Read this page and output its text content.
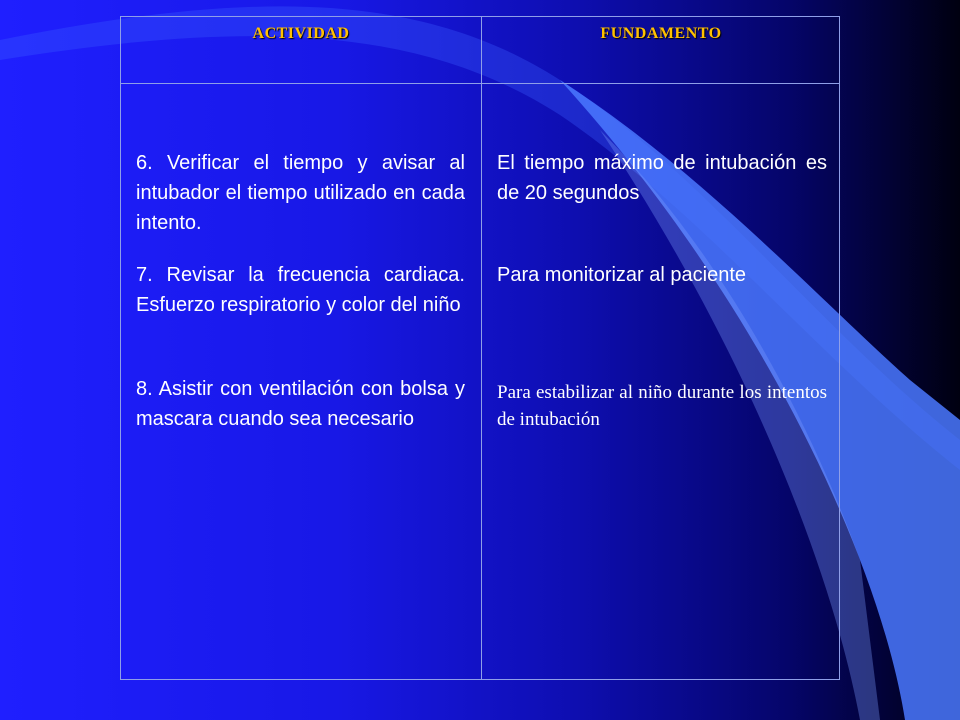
ACTIVIDAD	FUNDAMENTO
6. Verificar el tiempo y avisar al intubador el tiempo utilizado en cada intento.
7. Revisar la frecuencia cardiaca. Esfuerzo respiratorio y color del niño
8. Asistir con ventilación con bolsa y mascara cuando sea necesario
El tiempo máximo de intubación es de 20 segundos
Para monitorizar al paciente
Para estabilizar al niño durante los intentos de intubación
